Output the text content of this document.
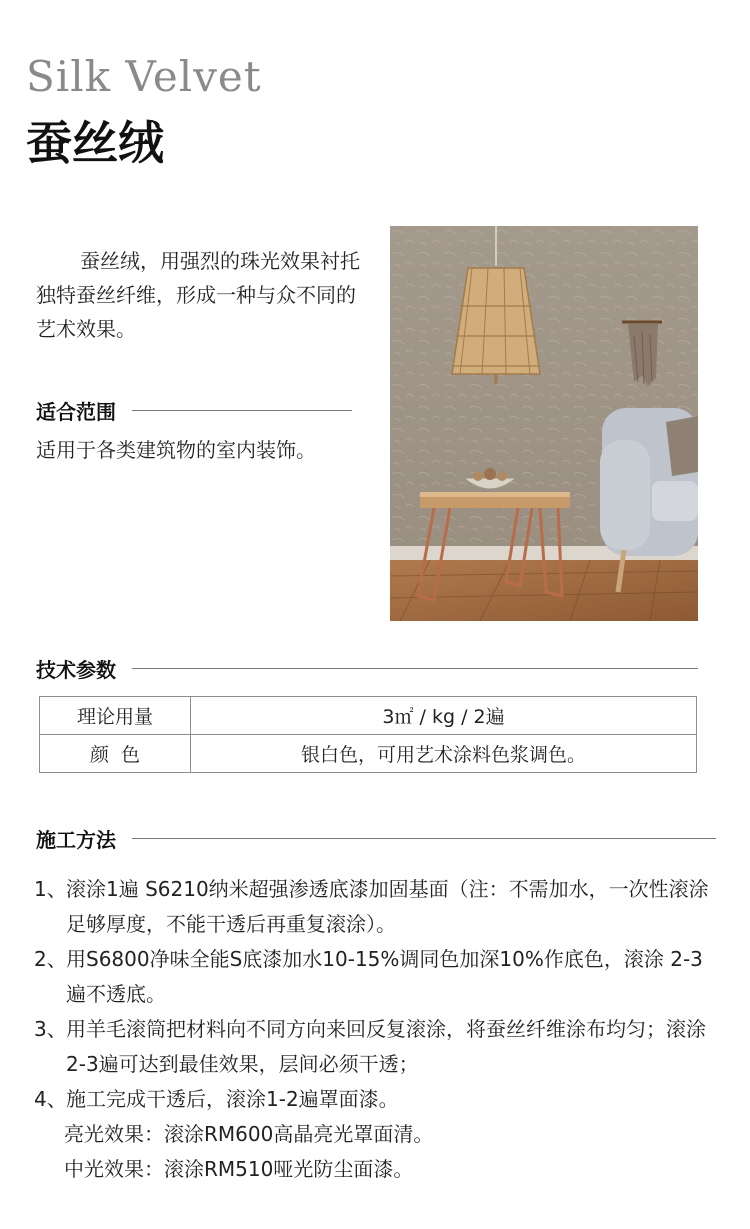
Silk Velvet
蚕丝绒
蚕丝绒，用强烈的珠光效果衬托独特蚕丝纤维，形成一种与众不同的艺术效果。
适合范围
适用于各类建筑物的室内装饰。
技术参数
理论用量	3㎡ / kg / 2遍
颜  色	银白色，可用艺术涂料色浆调色。
施工方法
1、 滚涂1遍 S6210纳米超强渗透底漆加固基面（注：不需加水，一次性滚涂足够厚度，不能干透后再重复滚涂）。
2、 用S6800净味全能S底漆加水10-15%调同色加深10%作底色，滚涂 2-3 遍不透底。
3、 用羊毛滚筒把材料向不同方向来回反复滚涂，将蚕丝纤维涂布均匀；滚涂2-3遍可达到最佳效果，层间必须干透；
4、 施工完成干透后，滚涂1-2遍罩面漆。
亮光效果：滚涂RM600高晶亮光罩面清。
中光效果：滚涂RM510哑光防尘面漆。
